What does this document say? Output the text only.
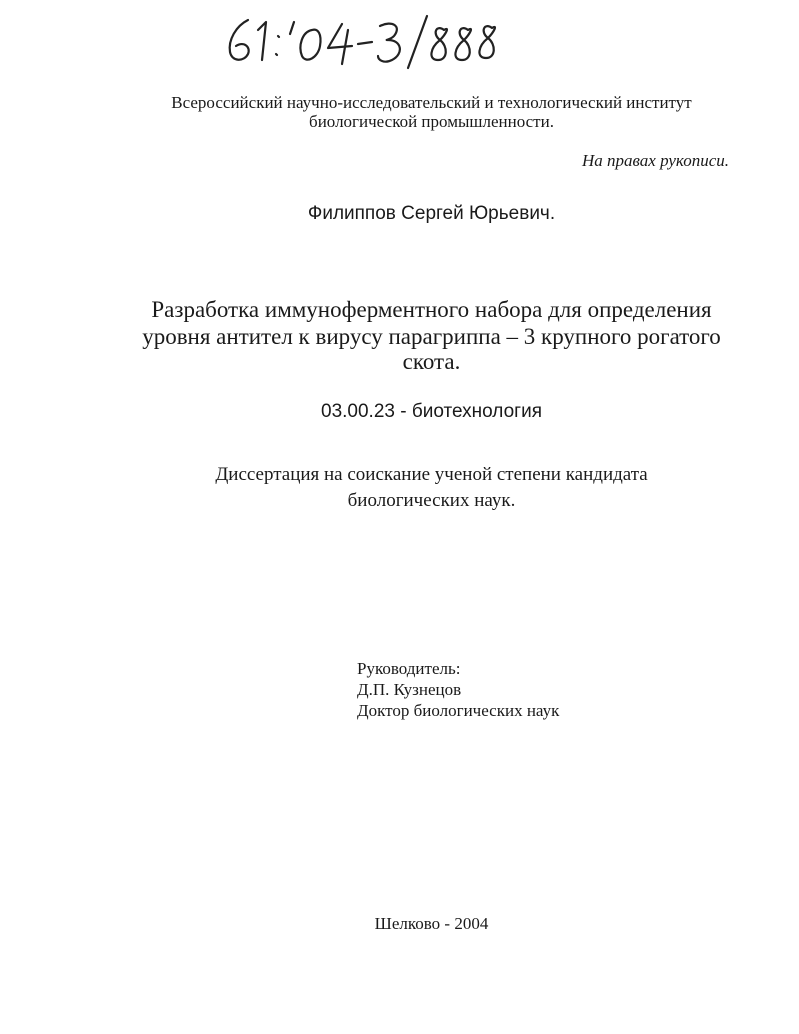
Всероссийский научно-исследовательский и технологический институт
биологической промышленности.
На правах рукописи.
Филиппов Сергей Юрьевич.
Разработка иммуноферментного набора для определения
уровня антител к вирусу парагриппа – 3 крупного рогатого
скота.
03.00.23 - биотехнология
Диссертация на соискание ученой степени кандидата
биологических наук.
Руководитель:
Д.П. Кузнецов
Доктор биологических наук
Шелково - 2004
